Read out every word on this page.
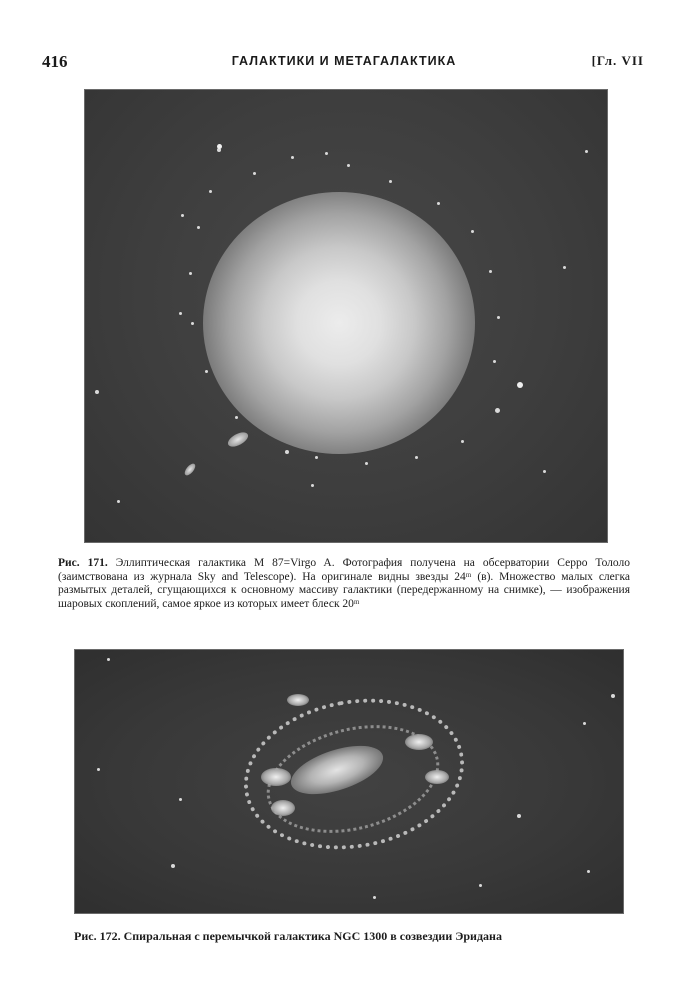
416	ГАЛАКТИКИ И МЕТАГАЛАКТИКА	[Гл. VII
Рис. 171. Эллиптическая галактика М 87=Virgo A. Фотография получена на обсерватории Серро Тололо (заимствована из журнала Sky and Telescope). На оригинале видны звезды 24ᵐ (в). Множество малых слегка размытых деталей, сгущающихся к основному массиву галактики (передержанному на снимке), — изображения шаровых скоплений, самое яркое из которых имеет блеск 20ᵐ
Рис. 172. Спиральная с перемычкой галактика NGC 1300 в созвездии Эридана
